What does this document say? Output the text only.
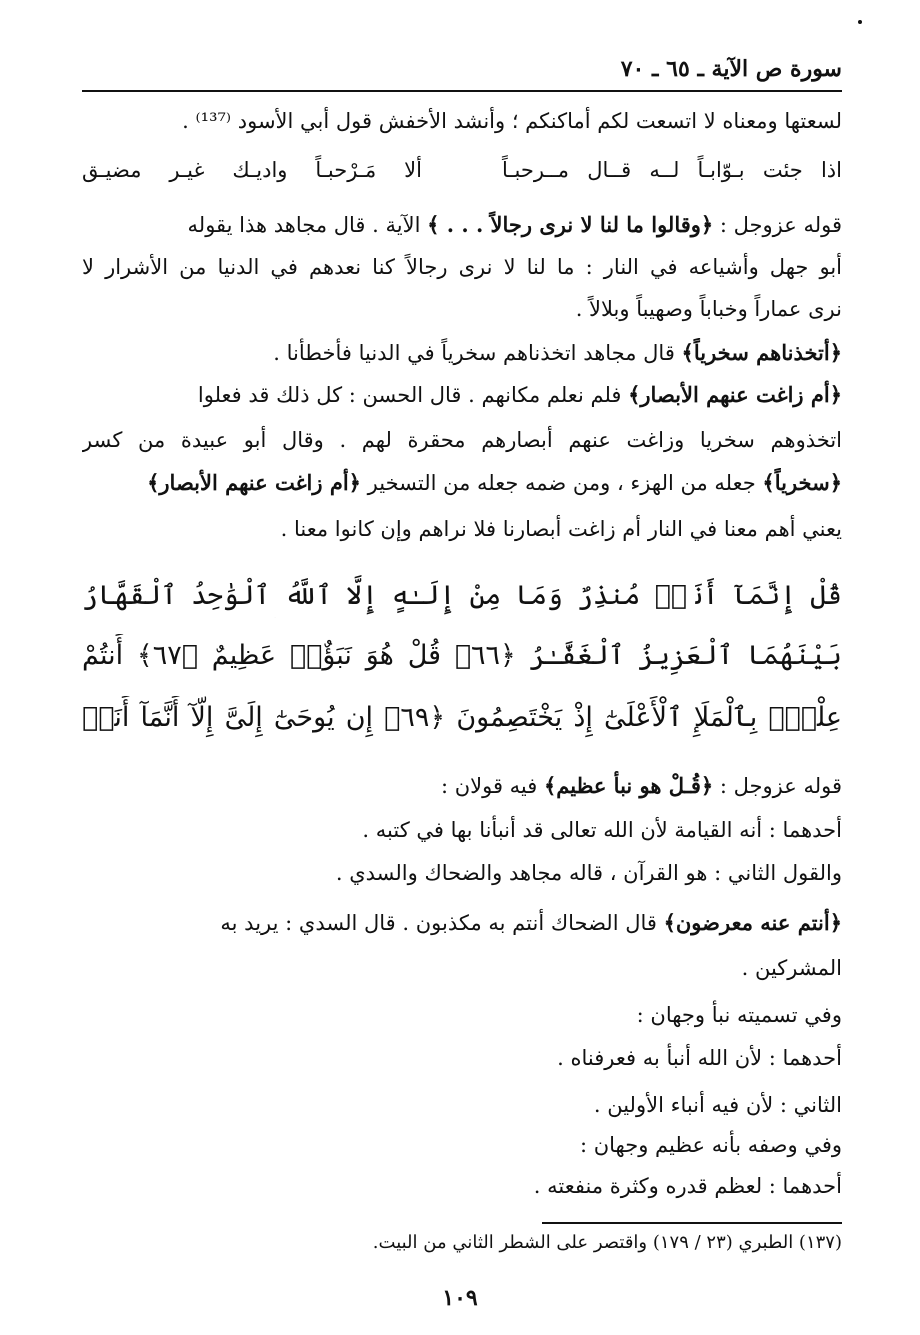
سورة ص الآية ـ ٦٥ ـ ٧٠
لسعتها ومعناه لا اتسعت لكم أماكنكم ؛ وأنشد الأخفش قول أبي الأسود ⁽¹³⁷⁾ .
اذا جئت بـوّابـاً لــه قــال مــرحبـاً
ألا مَـرْحبـاً واديـك غيـر مضيـق
قوله عزوجل : ﴿وقالوا ما لنا لا نرى رجالاً . . . ﴾ الآية . قال مجاهد هذا يقوله
أبو جهل وأشياعه في النار : ما لنا لا نرى رجالاً كنا نعدهم في الدنيا من الأشرار لا
نرى عماراً وخباباً وصهيباً وبلالاً .
﴿أتخذناهم سخرياً﴾ قال مجاهد اتخذناهم سخرياً في الدنيا فأخطأنا .
﴿أم زاغت عنهم الأبصار﴾ فلم نعلم مكانهم . قال الحسن : كل ذلك قد فعلوا
اتخذوهم سخريا وزاغت عنهم أبصارهم محقرة لهم . وقال أبو عبيدة من كسر
﴿سخرياً﴾ جعله من الهزء ، ومن ضمه جعله من التسخير ﴿أم زاغت عنهم الأبصار﴾
يعني أهم معنا في النار أم زاغت أبصارنا فلا نراهم وإن كانوا معنا .
قُلْ إِنَّمَآ أَنَا۠ مُنذِرٌ وَمَا مِنْ إِلَـٰهٍ إِلَّا ٱللَّهُ ٱلْوَٰحِدُ ٱلْقَهَّارُ
بَيْنَهُمَا ٱلْعَزِيزُ ٱلْغَفَّـٰرُ ﴿٦٦﴾ قُلْ هُوَ نَبَؤٌا۟ عَظِيمٌ ﴿٦٧﴾ أَنتُمْ
عِلْمٍۭ بِٱلْمَلَإِ ٱلْأَعْلَىٰٓ إِذْ يَخْتَصِمُونَ ﴿٦٩﴾ إِن يُوحَىٰٓ إِلَىَّ إِلَّآ أَنَّمَآ أَنَا۠
قوله عزوجل : ﴿قُـلْ هو نبأ عظيم﴾ فيه قولان :
أحدهما : أنه القيامة لأن الله تعالى قد أنبأنا بها في كتبه .
والقول الثاني : هو القرآن ، قاله مجاهد والضحاك والسدي .
﴿أنتم عنه معرضون﴾ قال الضحاك أنتم به مكذبون . قال السدي : يريد به
المشركين .
وفي تسميته نبأ وجهان :
أحدهما : لأن الله أنبأ به فعرفناه .
الثاني : لأن فيه أنباء الأولين .
وفي وصفه بأنه عظيم وجهان :
أحدهما : لعظم قدره وكثرة منفعته .
(١٣٧) الطبري (٢٣ / ١٧٩) واقتصر على الشطر الثاني من البيت.
١٠٩
